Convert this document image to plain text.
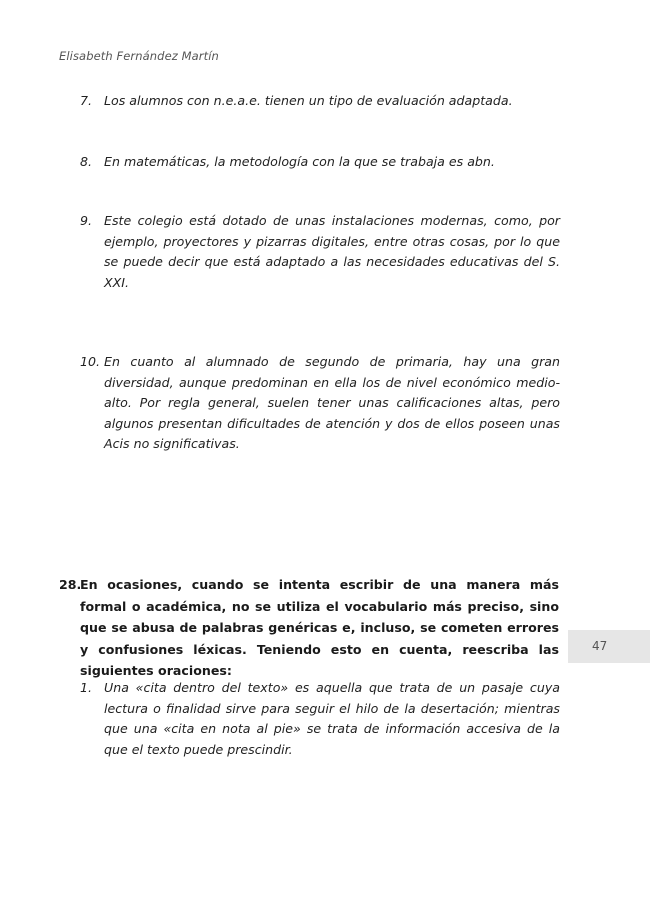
Elisabeth Fernández Martín
7. Los alumnos con n.e.a.e. tienen un tipo de evaluación adaptada.
8. En matemáticas, la metodología con la que se trabaja es abn.
9. Este colegio está dotado de unas instalaciones modernas, como, por ejemplo, proyectores y pizarras digitales, entre otras cosas, por lo que se puede decir que está adaptado a las necesidades educativas del S. XXI.
10. En cuanto al alumnado de segundo de primaria, hay una gran diversidad, aunque predominan en ella los de nivel económico medio-alto. Por regla general, suelen tener unas calificaciones altas, pero algunos presentan dificultades de atención y dos de ellos poseen unas Acis no significativas.
28.
En ocasiones, cuando se intenta escribir de una manera más formal o académica, no se utiliza el vocabulario más preciso, sino que se abusa de palabras genéricas e, incluso, se cometen errores y confusiones léxicas. Teniendo esto en cuenta, reescriba las siguientes oraciones:
1. Una «cita dentro del texto» es aquella que trata de un pasaje cuya lectura o finalidad sirve para seguir el hilo de la desertación; mientras que una «cita en nota al pie» se trata de información accesiva de la que el texto puede prescindir.
47
